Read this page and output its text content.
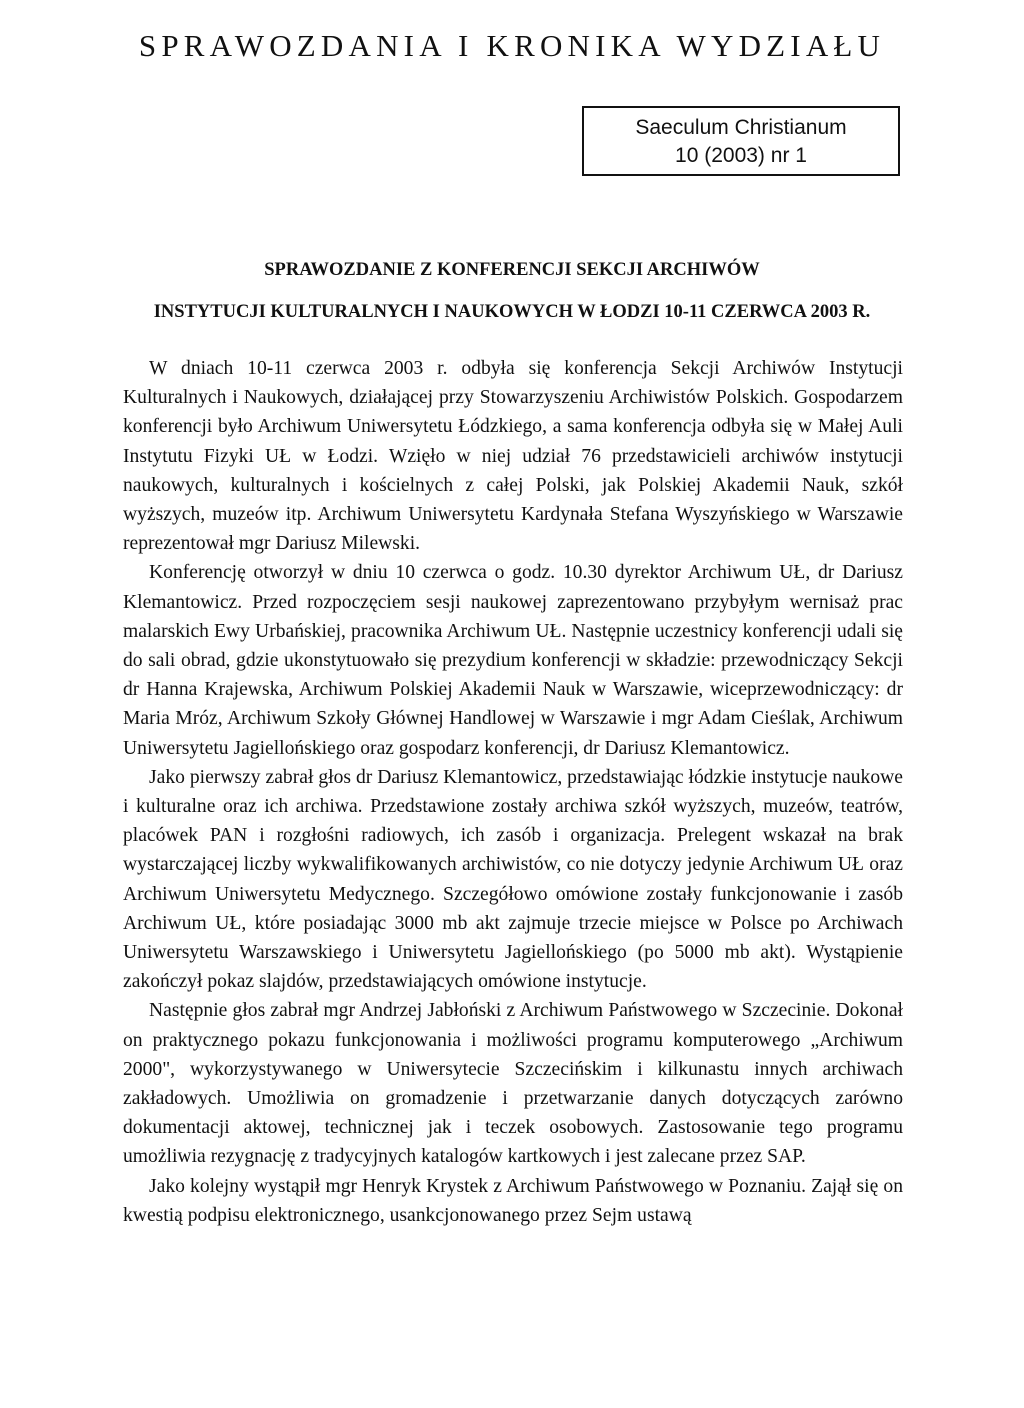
SPRAWOZDANIA I KRONIKA WYDZIAŁU
Saeculum Christianum
10 (2003) nr 1
SPRAWOZDANIE Z KONFERENCJI SEKCJI ARCHIWÓW
INSTYTUCJI KULTURALNYCH I NAUKOWYCH W ŁODZI 10-11 CZERWCA 2003 R.

W dniach 10-11 czerwca 2003 r. odbyła się konferencja Sekcji Archiwów Instytucji Kulturalnych i Naukowych, działającej przy Stowarzyszeniu Archiwistów Polskich. Gospodarzem konferencji było Archiwum Uniwersytetu Łódzkiego, a sama konferencja odbyła się w Małej Auli Instytutu Fizyki UŁ w Łodzi. Wzięło w niej udział 76 przedstawicieli archiwów instytucji naukowych, kulturalnych i kościelnych z całej Polski, jak Polskiej Akademii Nauk, szkół wyższych, muzeów itp. Archiwum Uniwersytetu Kardynała Stefana Wyszyńskiego w Warszawie reprezentował mgr Dariusz Milewski.

Konferencję otworzył w dniu 10 czerwca o godz. 10.30 dyrektor Archiwum UŁ, dr Dariusz Klemantowicz. Przed rozpoczęciem sesji naukowej zaprezentowano przybyłym wernisaż prac malarskich Ewy Urbańskiej, pracownika Archiwum UŁ. Następnie uczestnicy konferencji udali się do sali obrad, gdzie ukonstytuowało się prezydium konferencji w składzie: przewodniczący Sekcji dr Hanna Krajewska, Archiwum Polskiej Akademii Nauk w Warszawie, wiceprzewodniczący: dr Maria Mróz, Archiwum Szkoły Głównej Handlowej w Warszawie i mgr Adam Cieślak, Archiwum Uniwersytetu Jagiellońskiego oraz gospodarz konferencji, dr Dariusz Klemantowicz.

Jako pierwszy zabrał głos dr Dariusz Klemantowicz, przedstawiając łódzkie instytucje naukowe i kulturalne oraz ich archiwa. Przedstawione zostały archiwa szkół wyższych, muzeów, teatrów, placówek PAN i rozgłośni radiowych, ich zasób i organizacja. Prelegent wskazał na brak wystarczającej liczby wykwalifikowanych archiwistów, co nie dotyczy jedynie Archiwum UŁ oraz Archiwum Uniwersytetu Medycznego. Szczegółowo omówione zostały funkcjonowanie i zasób Archiwum UŁ, które posiadając 3000 mb akt zajmuje trzecie miejsce w Polsce po Archiwach Uniwersytetu Warszawskiego i Uniwersytetu Jagiellońskiego (po 5000 mb akt). Wystąpienie zakończył pokaz slajdów, przedstawiających omówione instytucje.

Następnie głos zabrał mgr Andrzej Jabłoński z Archiwum Państwowego w Szczecinie. Dokonał on praktycznego pokazu funkcjonowania i możliwości programu komputerowego „Archiwum 2000", wykorzystywanego w Uniwersytecie Szczecińskim i kilkunastu innych archiwach zakładowych. Umożliwia on gromadzenie i przetwarzanie danych dotyczących zarówno dokumentacji aktowej, technicznej jak i teczek osobowych. Zastosowanie tego programu umożliwia rezygnację z tradycyjnych katalogów kartkowych i jest zalecane przez SAP.

Jako kolejny wystąpił mgr Henryk Krystek z Archiwum Państwowego w Poznaniu. Zajął się on kwestią podpisu elektronicznego, usankcjonowanego przez Sejm ustawą
